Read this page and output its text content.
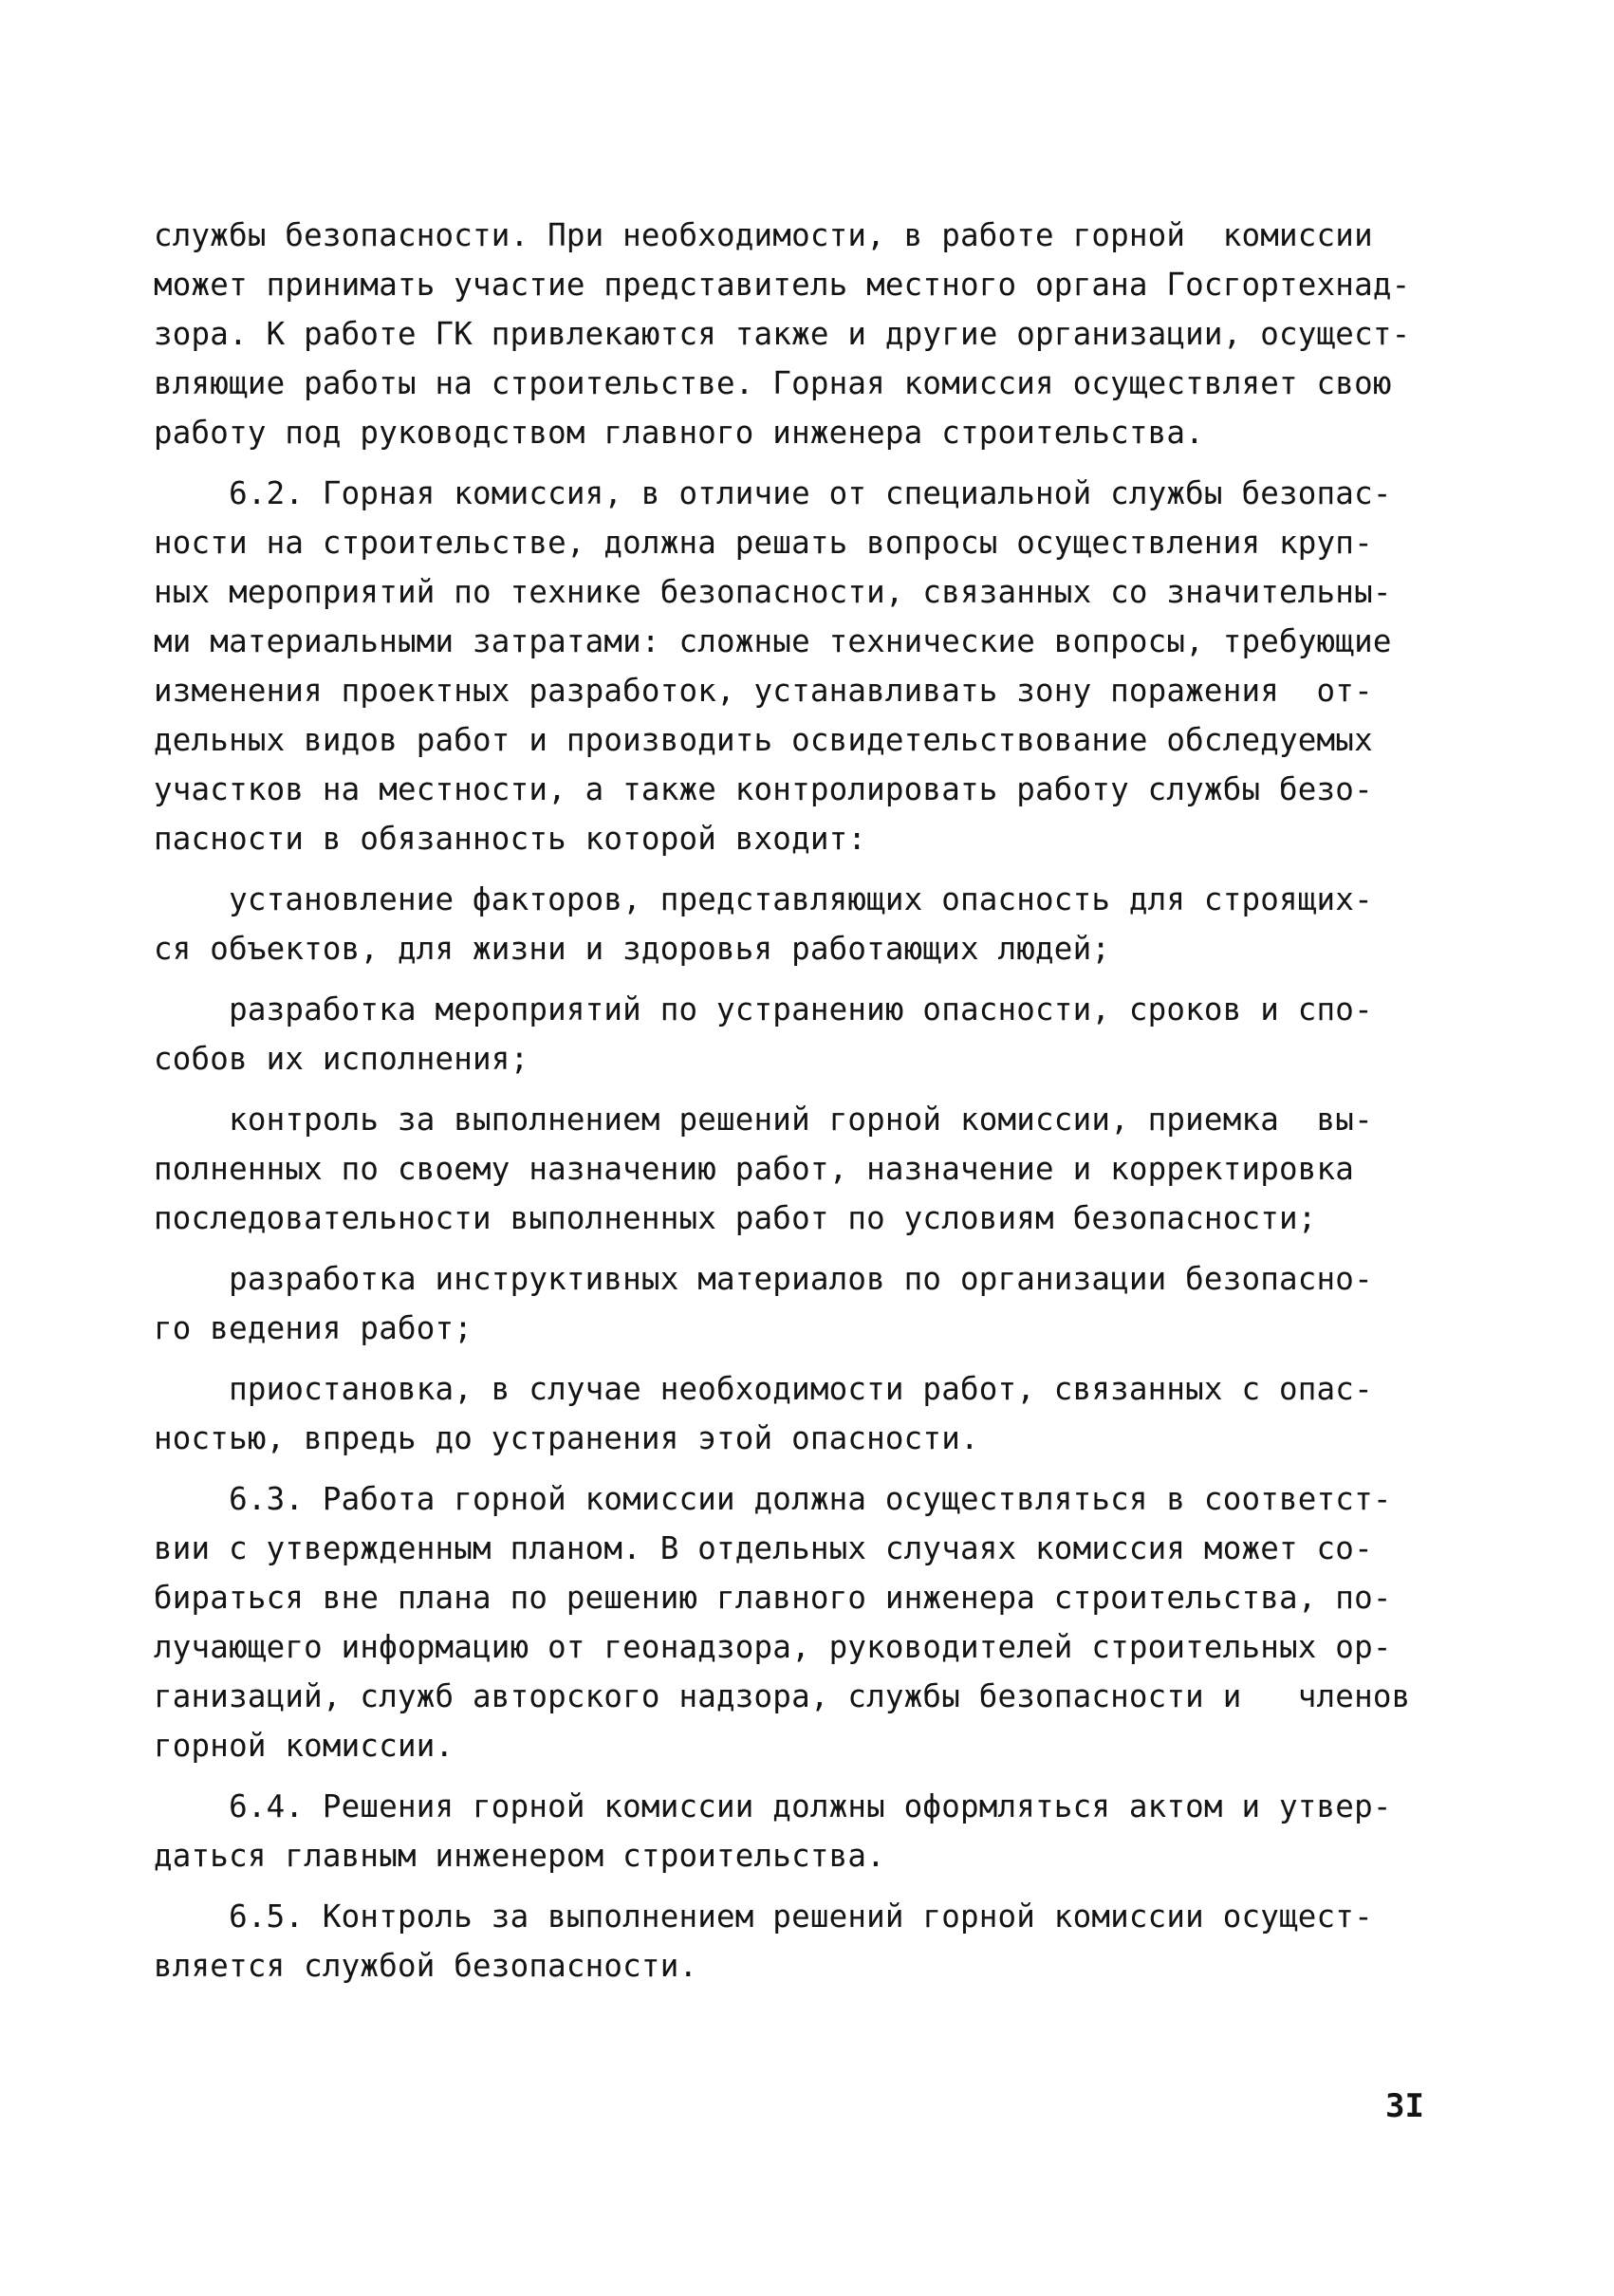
службы безопасности. При необходимости, в работе горной  комиссии
может принимать участие представитель местного органа Госгортехнад-
зора. К работе ГК привлекаются также и другие организации, осущест-
вляющие работы на строительстве. Горная комиссия осуществляет свою
работу под руководством главного инженера строительства.
6.2. Горная комиссия, в отличие от специальной службы безопас-
ности на строительстве, должна решать вопросы осуществления круп-
ных мероприятий по технике безопасности, связанных со значительны-
ми материальными затратами: сложные технические вопросы, требующие
изменения проектных разработок, устанавливать зону поражения  от-
дельных видов работ и производить освидетельствование обследуемых
участков на местности, а также контролировать работу службы безо-
пасности в обязанность которой входит:
установление факторов, представляющих опасность для строящих-
ся объектов, для жизни и здоровья работающих людей;
разработка мероприятий по устранению опасности, сроков и спо-
собов их исполнения;
контроль за выполнением решений горной комиссии, приемка  вы-
полненных по своему назначению работ, назначение и корректировка
последовательности выполненных работ по условиям безопасности;
разработка инструктивных материалов по организации безопасно-
го ведения работ;
приостановка, в случае необходимости работ, связанных с опас-
ностью, впредь до устранения этой опасности.
6.3. Работа горной комиссии должна осуществляться в соответст-
вии с утвержденным планом. В отдельных случаях комиссия может со-
бираться вне плана по решению главного инженера строительства, по-
лучающего информацию от геонадзора, руководителей строительных ор-
ганизаций, служб авторского надзора, службы безопасности и   членов
горной комиссии.
6.4. Решения горной комиссии должны оформляться актом и утвер-
даться главным инженером строительства.
6.5. Контроль за выполнением решений горной комиссии осущест-
вляется службой безопасности.
3I
